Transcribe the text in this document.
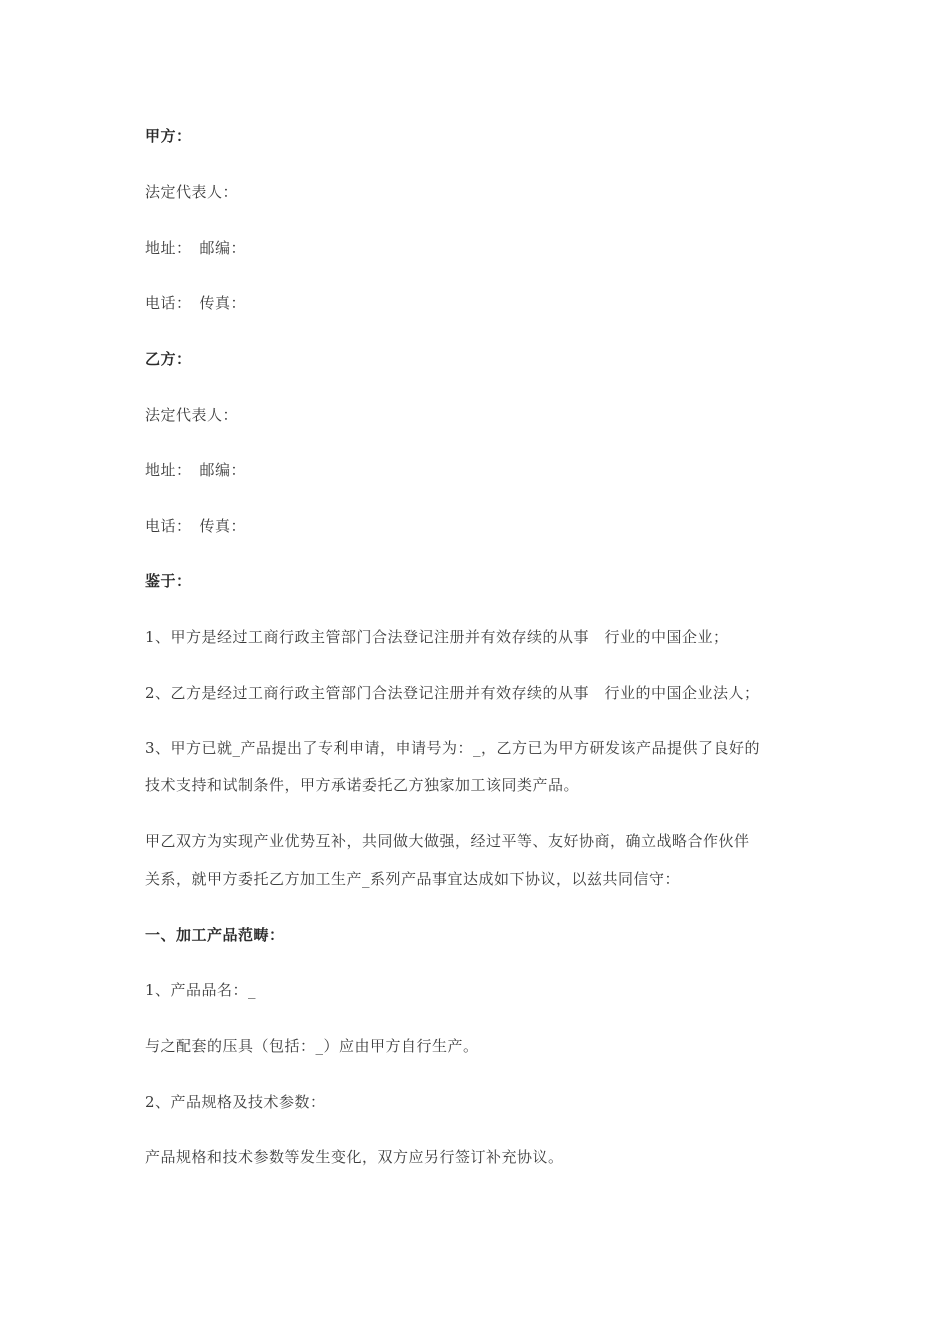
甲方：
法定代表人：
地址：　邮编：
电话：　传真：
乙方：
法定代表人：
地址：　邮编：
电话：　传真：
鉴于：
1、甲方是经过工商行政主管部门合法登记注册并有效存续的从事　行业的中国企业；
2、乙方是经过工商行政主管部门合法登记注册并有效存续的从事　行业的中国企业法人；
3、甲方已就_产品提出了专利申请，申请号为：_，乙方已为甲方研发该产品提供了良好的
技术支持和试制条件，甲方承诺委托乙方独家加工该同类产品。
甲乙双方为实现产业优势互补，共同做大做强，经过平等、友好协商，确立战略合作伙伴
关系，就甲方委托乙方加工生产_系列产品事宜达成如下协议，以兹共同信守：
一、加工产品范畴：
1、产品品名：_
与之配套的压具（包括：_）应由甲方自行生产。
2、产品规格及技术参数：
产品规格和技术参数等发生变化，双方应另行签订补充协议。
